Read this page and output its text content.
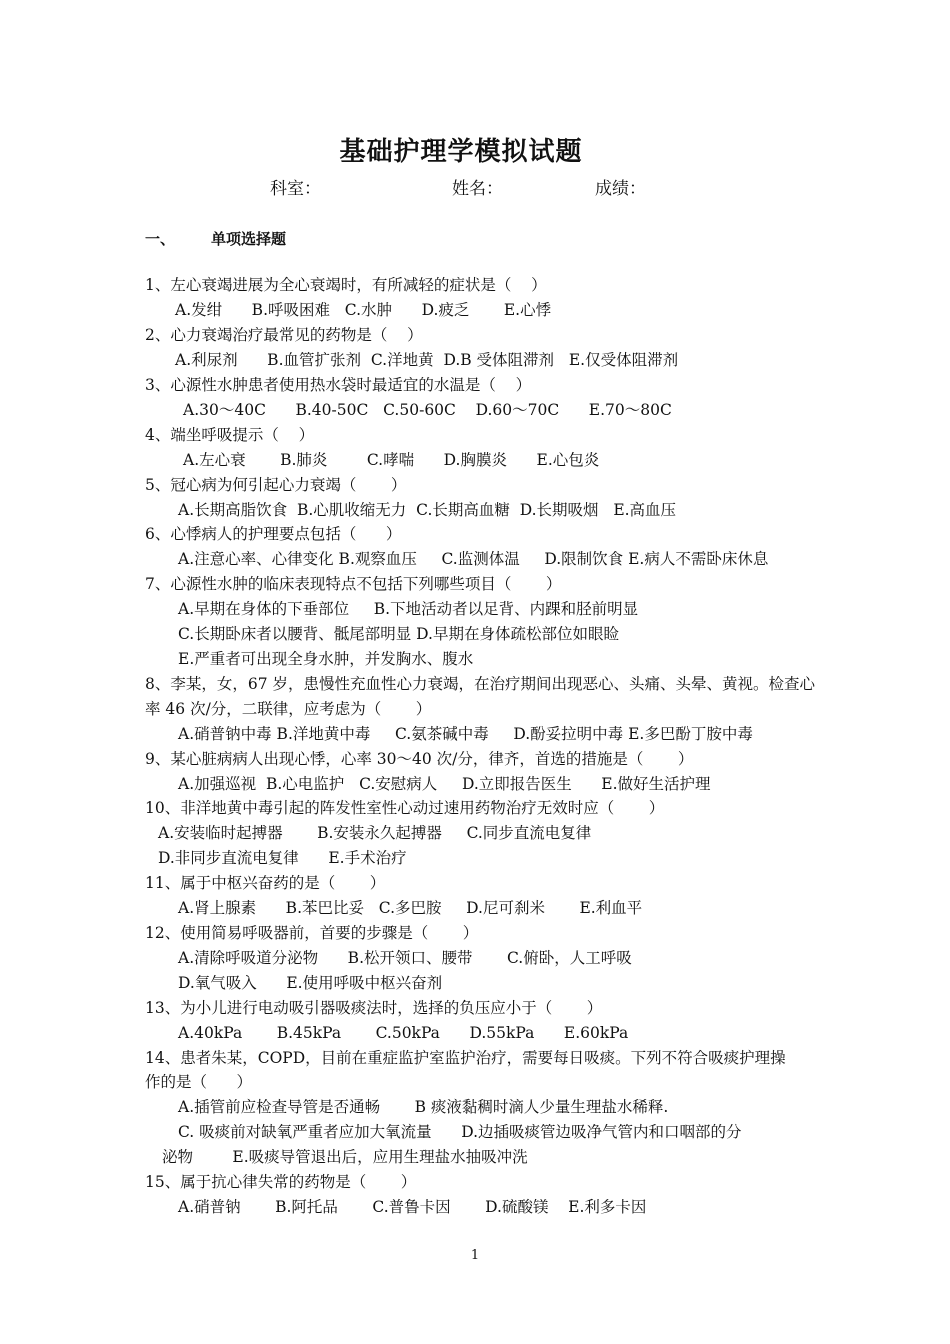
基础护理学模拟试题
科室：	姓名：	成绩：
一、 单项选择题
1、左心衰竭进展为全心衰竭时，有所减轻的症状是（    ）
A.发绀      B.呼吸困难   C.水肿      D.疲乏       E.心悸
2、心力衰竭治疗最常见的药物是（    ）
A.利尿剂      B.血管扩张剂  C.洋地黄  D.B 受体阻滞剂   E.仅受体阻滞剂
3、心源性水肿患者使用热水袋时最适宜的水温是（    ）
A.30～40C      B.40-50C   C.50-60C    D.60～70C      E.70～80C
4、端坐呼吸提示（    ）
A.左心衰       B.肺炎        C.哮喘      D.胸膜炎      E.心包炎
5、冠心病为何引起心力衰竭（       ）
A.长期高脂饮食  B.心肌收缩无力  C.长期高血糖  D.长期吸烟   E.高血压
6、心悸病人的护理要点包括（      ）
A.注意心率、心律变化 B.观察血压     C.监测体温     D.限制饮食 E.病人不需卧床休息
7、心源性水肿的临床表现特点不包括下列哪些项目（       ）
A.早期在身体的下垂部位     B.下地活动者以足背、内踝和胫前明显
C.长期卧床者以腰背、骶尾部明显 D.早期在身体疏松部位如眼睑
E.严重者可出现全身水肿，并发胸水、腹水
8、李某，女，67 岁，患慢性充血性心力衰竭，在治疗期间出现恶心、头痛、头晕、黄视。检查心
率 46 次/分，二联律，应考虑为（       ）
A.硝普钠中毒 B.洋地黄中毒     C.氨茶碱中毒     D.酚妥拉明中毒 E.多巴酚丁胺中毒
9、某心脏病病人出现心悸，心率 30～40 次/分，律齐，首选的措施是（       ）
A.加强巡视  B.心电监护   C.安慰病人     D.立即报告医生      E.做好生活护理
10、非洋地黄中毒引起的阵发性室性心动过速用药物治疗无效时应（       ）
A.安装临时起搏器       B.安装永久起搏器     C.同步直流电复律
D.非同步直流电复律      E.手术治疗
11、属于中枢兴奋药的是（       ）
A.肾上腺素      B.苯巴比妥   C.多巴胺     D.尼可刹米       E.利血平
12、使用简易呼吸器前，首要的步骤是（       ）
A.清除呼吸道分泌物      B.松开领口、腰带       C.俯卧，人工呼吸
D.氧气吸入      E.使用呼吸中枢兴奋剂
13、为小儿进行电动吸引器吸痰法时，选择的负压应小于（       ）
A.40kPa       B.45kPa       C.50kPa      D.55kPa      E.60kPa
14、患者朱某，COPD，目前在重症监护室监护治疗，需要每日吸痰。下列不符合吸痰护理操
作的是（      ）
A.插管前应检查导管是否通畅       B 痰液黏稠时滴人少量生理盐水稀释.
C. 吸痰前对缺氧严重者应加大氧流量      D.边插吸痰管边吸净气管内和口咽部的分
泌物        E.吸痰导管退出后，应用生理盐水抽吸冲洗
15、属于抗心律失常的药物是（       ）
A.硝普钠       B.阿托品       C.普鲁卡因       D.硫酸镁    E.利多卡因
1
